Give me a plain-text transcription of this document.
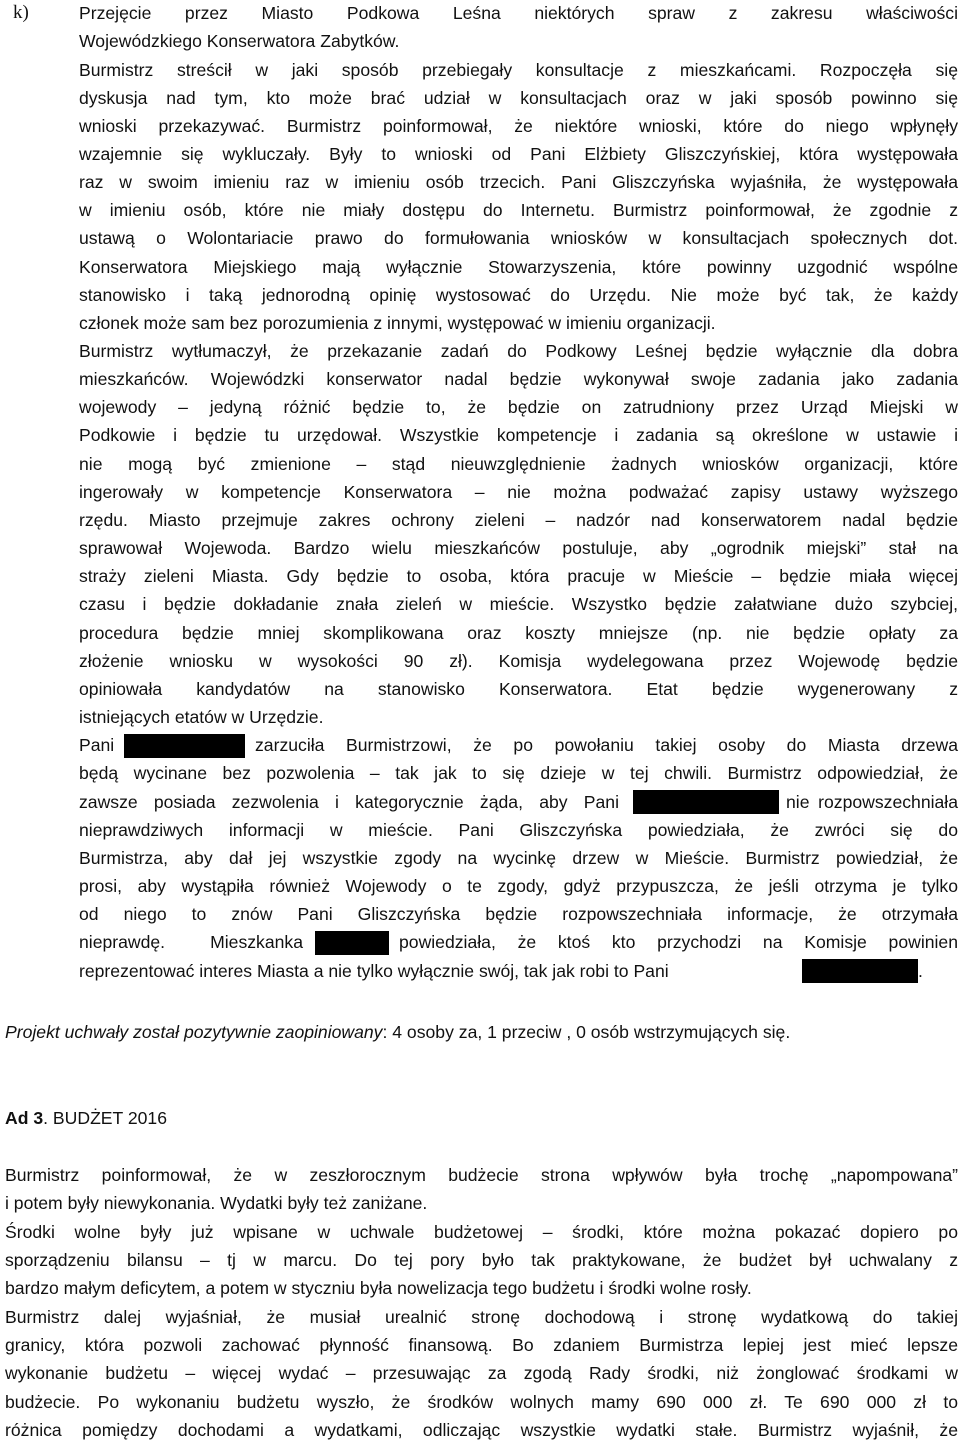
k)	Przejęcie przez Miasto Podkowa Leśna niektórych spraw z zakresu właściwości
Wojewódzkiego Konserwatora Zabytków.
Burmistrz streścił w jaki sposób przebiegały konsultacje z mieszkańcami. Rozpoczęła się
dyskusja nad tym, kto może brać udział w konsultacjach oraz w jaki sposób powinno się
wnioski przekazywać. Burmistrz poinformował, że niektóre wnioski, które do niego wpłynęły
wzajemnie się wykluczały. Były to wnioski od Pani Elżbiety Gliszczyńskiej, która występowała
raz w swoim imieniu raz w imieniu osób trzecich. Pani Gliszczyńska wyjaśniła, że występowała
w imieniu osób, które nie miały dostępu do Internetu. Burmistrz poinformował, że zgodnie z
ustawą o Wolontariacie prawo do formułowania wniosków w konsultacjach społecznych dot.
Konserwatora Miejskiego mają wyłącznie Stowarzyszenia, które powinny uzgodnić wspólne
stanowisko i taką jednorodną opinię wystosować do Urzędu. Nie może być tak, że każdy
członek może sam bez porozumienia z innymi, występować w imieniu organizacji.
Burmistrz wytłumaczył, że przekazanie zadań do Podkowy Leśnej będzie wyłącznie dla dobra
mieszkańców. Wojewódzki konserwator nadal będzie wykonywał swoje zadania jako zadania
wojewody – jedyną różnić będzie to, że będzie on zatrudniony przez Urząd Miejski w
Podkowie i będzie tu urzędował. Wszystkie kompetencje i zadania są określone w ustawie i
nie mogą być zmienione – stąd nieuwzględnienie żadnych wniosków organizacji, które
ingerowały w kompetencje Konserwatora – nie można podważać zapisy ustawy wyższego
rzędu. Miasto przejmuje zakres ochrony zieleni – nadzór nad konserwatorem nadal będzie
sprawował Wojewoda. Bardzo wielu mieszkańców postuluje, aby „ogrodnik miejski” stał na
straży zieleni Miasta. Gdy będzie to osoba, która pracuje w Mieście – będzie miała więcej
czasu i będzie dokładanie znała zieleń w mieście. Wszystko będzie załatwiane dużo szybciej,
procedura będzie mniej skomplikowana oraz koszty mniejsze (np. nie będzie opłaty za
złożenie wniosku w wysokości 90 zł). Komisja wydelegowana przez Wojewodę będzie
opiniowała kandydatów na stanowisko Konserwatora. Etat będzie wygenerowany z
istniejących etatów w Urzędzie.
Pani	zarzuciła Burmistrzowi, że po powołaniu takiej osoby do Miasta drzewa
będą wycinane bez pozwolenia – tak jak to się dzieje w tej chwili. Burmistrz odpowiedział, że
zawsze posiada zezwolenia i kategorycznie żąda, aby Pani	nie rozpowszechniała
nieprawdziwych informacji w mieście. Pani Gliszczyńska powiedziała, że zwróci się do
Burmistrza, aby dał jej wszystkie zgody na wycinkę drzew w Mieście. Burmistrz powiedział, że
prosi, aby wystąpiła również Wojewody o te zgody, gdyż przypuszcza, że jeśli otrzyma je tylko
od niego to znów Pani Gliszczyńska będzie rozpowszechniała informacje, że otrzymała
nieprawdę. Mieszkanka	powiedziała, że ktoś kto przychodzi na Komisje powinien
reprezentować interes Miasta a nie tylko wyłącznie swój, tak jak robi to Pani	.
Projekt uchwały został pozytywnie zaopiniowany: 4 osoby za, 1 przeciw , 0 osób wstrzymujących się.
Ad 3. BUDŻET 2016
Burmistrz poinformował, że w zeszłorocznym budżecie strona wpływów była trochę „napompowana”
i potem były niewykonania. Wydatki były też zaniżane.
Środki wolne były już wpisane w uchwale budżetowej – środki, które można pokazać dopiero po
sporządzeniu bilansu – tj w marcu. Do tej pory było tak praktykowane, że budżet był uchwalany z
bardzo małym deficytem, a potem w styczniu była nowelizacja tego budżetu i środki wolne rosły.
Burmistrz dalej wyjaśniał, że musiał urealnić stronę dochodową i stronę wydatkową do takiej
granicy, która pozwoli zachować płynność finansową. Bo zdaniem Burmistrza lepiej jest mieć lepsze
wykonanie budżetu – więcej wydać – przesuwając za zgodą Rady środki, niż żonglować środkami w
budżecie. Po wykonaniu budżetu wyszło, że środków wolnych mamy 690 000 zł. Te 690 000 zł to
różnica pomiędzy dochodami a wydatkami, odliczając wszystkie wydatki stałe. Burmistrz wyjaśnił, że
